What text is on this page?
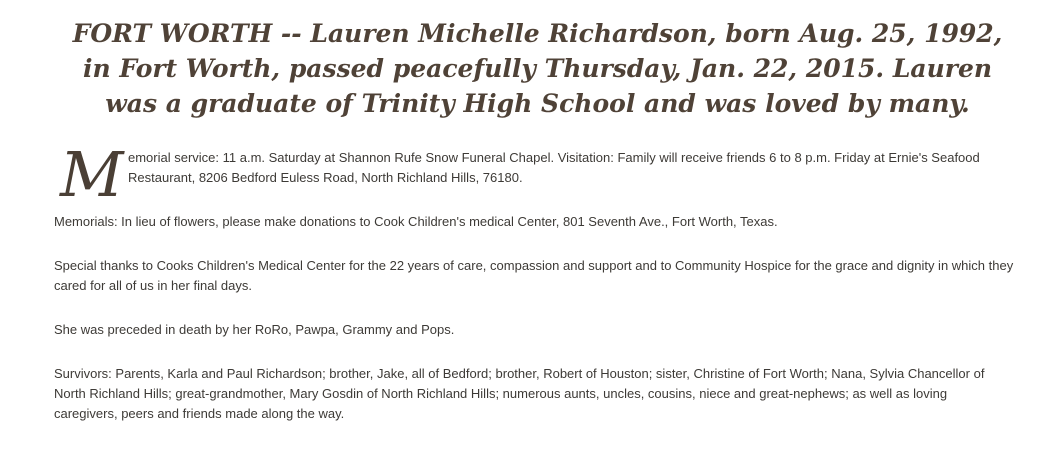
FORT WORTH -- Lauren Michelle Richardson, born Aug. 25, 1992, in Fort Worth, passed peacefully Thursday, Jan. 22, 2015. Lauren was a graduate of Trinity High School and was loved by many.

M emorial service: 11 a.m. Saturday at Shannon Rufe Snow Funeral Chapel. Visitation: Family will receive friends 6 to 8 p.m. Friday at Ernie's Seafood Restaurant, 8206 Bedford Euless Road, North Richland Hills, 76180.

Memorials: In lieu of flowers, please make donations to Cook Children's medical Center, 801 Seventh Ave., Fort Worth, Texas.

Special thanks to Cooks Children's Medical Center for the 22 years of care, compassion and support and to Community Hospice for the grace and dignity in which they cared for all of us in her final days.

She was preceded in death by her RoRo, Pawpa, Grammy and Pops.

Survivors: Parents, Karla and Paul Richardson; brother, Jake, all of Bedford; brother, Robert of Houston; sister, Christine of Fort Worth; Nana, Sylvia Chancellor of North Richland Hills; great-grandmother, Mary Gosdin of North Richland Hills; numerous aunts, uncles, cousins, niece and great-nephews; as well as loving caregivers, peers and friends made along the way.
